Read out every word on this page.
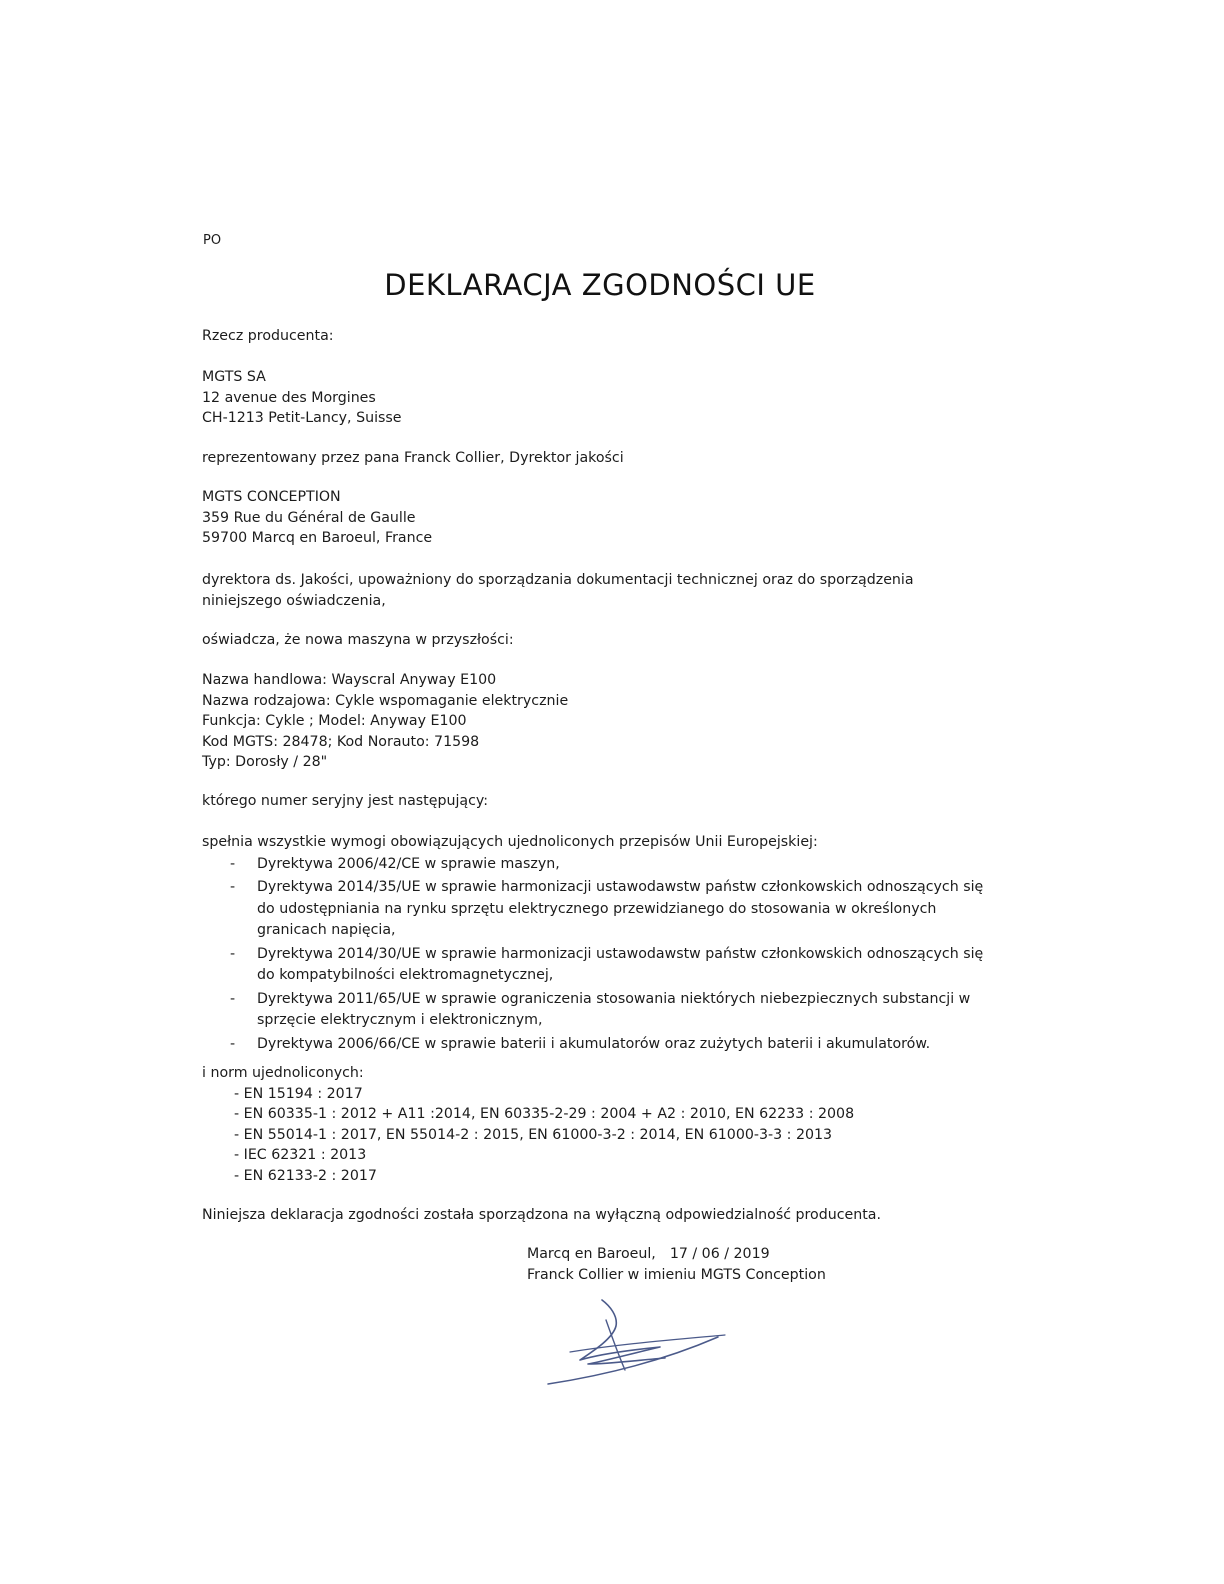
PO
DEKLARACJA ZGODNOŚCI UE

Rzecz producenta:

MGTS SA

12 avenue des Morgines

CH-1213 Petit-Lancy, Suisse

reprezentowany przez pana Franck Collier, Dyrektor jakości

MGTS CONCEPTION

359 Rue du Général de Gaulle

59700 Marcq en Baroeul, France

dyrektora ds. Jakości, upoważniony do sporządzania dokumentacji technicznej oraz do sporządzenia niniejszego oświadczenia,

oświadcza, że nowa maszyna w przyszłości:

Nazwa handlowa: Wayscral Anyway E100

Nazwa rodzajowa: Cykle wspomaganie elektrycznie

Funkcja: Cykle ; Model: Anyway E100

Kod MGTS: 28478; Kod Norauto: 71598

Typ: Dorosły / 28"

którego numer seryjny jest następujący:

spełnia wszystkie wymogi obowiązujących ujednoliconych przepisów Unii Europejskiej:

- Dyrektywa 2006/42/CE w sprawie maszyn,
- Dyrektywa 2014/35/UE w sprawie harmonizacji ustawodawstw państw członkowskich odnoszących się do udostępniania na rynku sprzętu elektrycznego przewidzianego do stosowania w określonych granicach napięcia,
- Dyrektywa 2014/30/UE w sprawie harmonizacji ustawodawstw państw członkowskich odnoszących się do kompatybilności elektromagnetycznej,
- Dyrektywa 2011/65/UE w sprawie ograniczenia stosowania niektórych niebezpiecznych substancji w sprzęcie elektrycznym i elektronicznym,
- Dyrektywa 2006/66/CE w sprawie baterii i akumulatorów oraz zużytych baterii i akumulatorów.

i norm ujednoliconych:

- EN 15194 : 2017

- EN 60335-1 : 2012 + A11 :2014, EN 60335-2-29 : 2004 + A2 : 2010, EN 62233 : 2008

- EN 55014-1 : 2017, EN 55014-2 : 2015, EN 61000-3-2 : 2014, EN 61000-3-3 : 2013

- IEC 62321 : 2013

- EN 62133-2 : 2017

Niniejsza deklaracja zgodności została sporządzona na wyłączną odpowiedzialność producenta.

Marcq en Baroeul, 17 / 06 / 2019

Franck Collier w imieniu MGTS Conception
